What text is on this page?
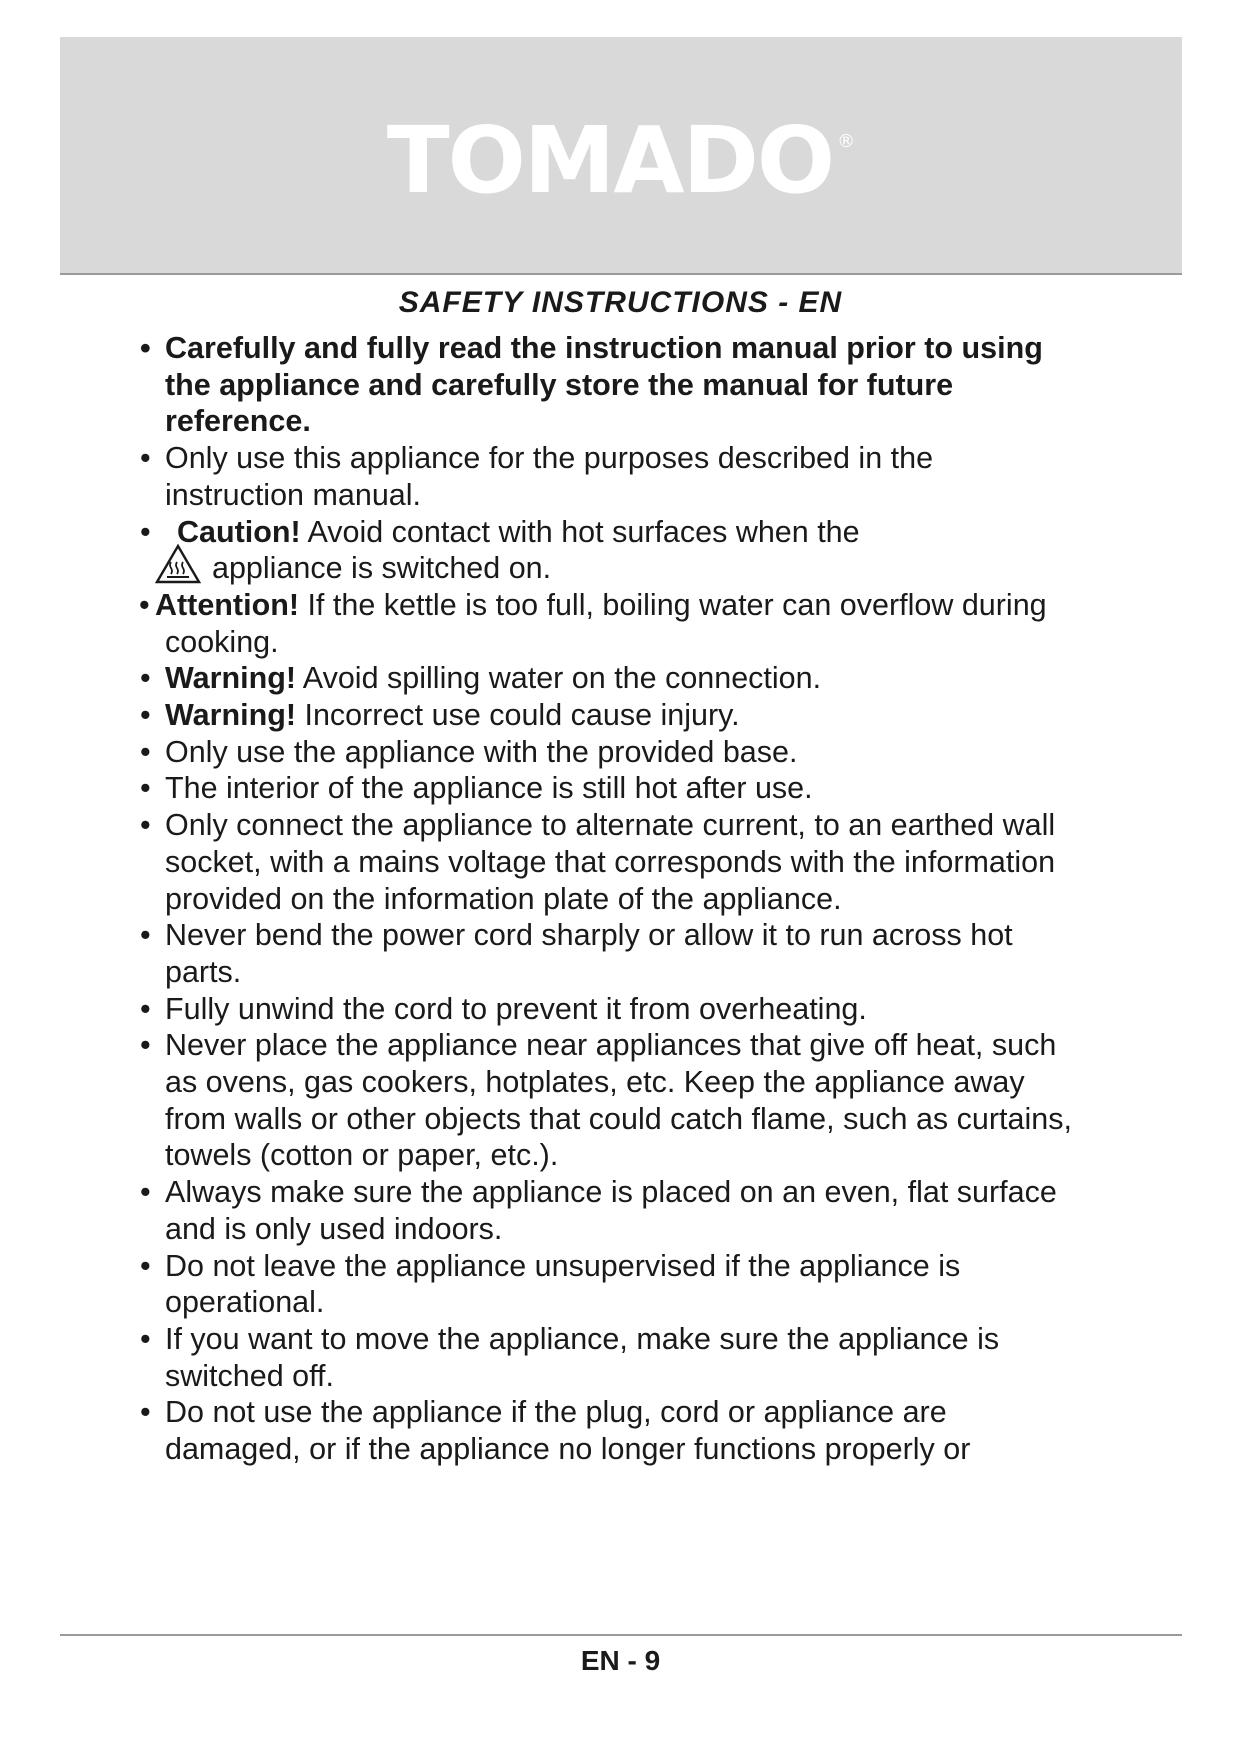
TOMADO ®
SAFETY INSTRUCTIONS - EN
• Carefully and fully read the instruction manual prior to using the appliance and carefully store the manual for future reference.
• Only use this appliance for the purposes described in the instruction manual.
• Caution! Avoid contact with hot surfaces when the
appliance is switched on.
• Attention! If the kettle is too full, boiling water can overflow during cooking.
• Warning! Avoid spilling water on the connection.
• Warning! Incorrect use could cause injury.
• Only use the appliance with the provided base.
• The interior of the appliance is still hot after use.
• Only connect the appliance to alternate current, to an earthed wall socket, with a mains voltage that corresponds with the information provided on the information plate of the appliance.
• Never bend the power cord sharply or allow it to run across hot parts.
• Fully unwind the cord to prevent it from overheating.
• Never place the appliance near appliances that give off heat, such as ovens, gas cookers, hotplates, etc. Keep the appliance away from walls or other objects that could catch flame, such as curtains, towels (cotton or paper, etc.).
• Always make sure the appliance is placed on an even, flat surface and is only used indoors.
• Do not leave the appliance unsupervised if the appliance is operational.
• If you want to move the appliance, make sure the appliance is switched off.
• Do not use the appliance if the plug, cord or appliance are damaged, or if the appliance no longer functions properly or
EN - 9
